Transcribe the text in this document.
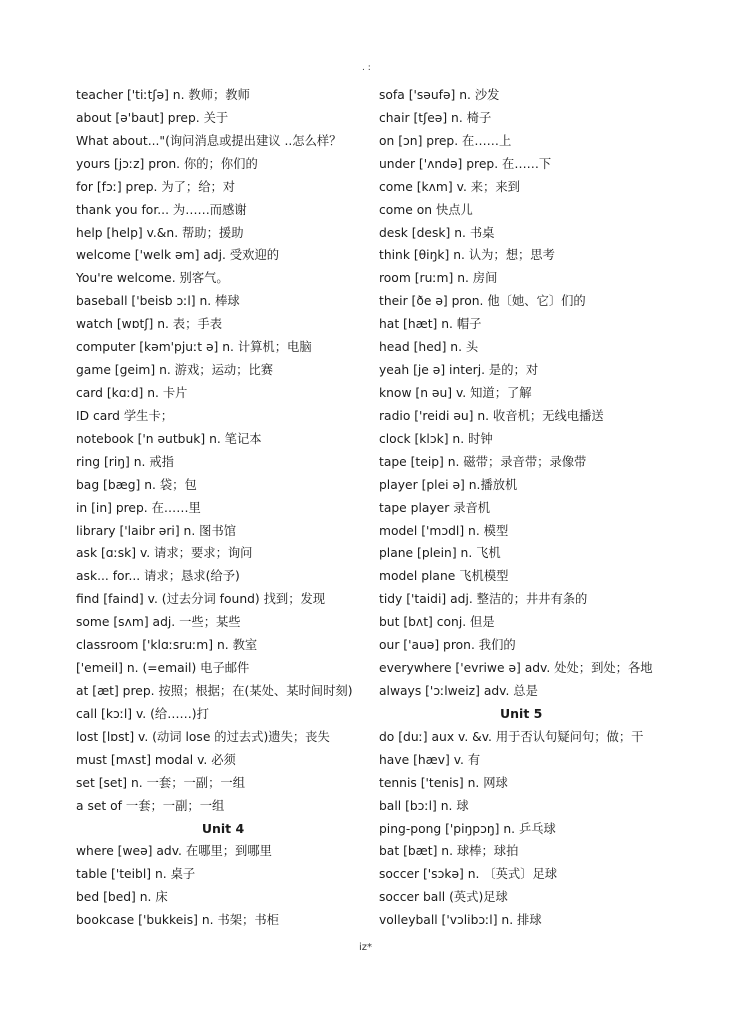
. :
teacher ['tiːtʃə] n. 教师；教师
about [ə'baut] prep. 关于
What about..."(询问消息或提出建议 ..怎么样？
yours [jɔːz] pron. 你的；你们的
for [fɔː] prep. 为了；给；对
thank you for... 为……而感谢
help [help] v.&n. 帮助；援助
welcome ['welk əm] adj. 受欢迎的
You're welcome. 别客气。
baseball ['beisb ɔːl] n. 棒球
watch [wɒtʃ] n. 表；手表
computer [kəm'pjuːt ə] n. 计算机；电脑
game [geim] n. 游戏；运动；比赛
card [kɑːd] n. 卡片
ID card 学生卡；
notebook ['n əutbuk] n. 笔记本
ring [riŋ] n. 戒指
bag [bæg] n. 袋；包
in [in] prep. 在……里
library ['laibr əri] n. 图书馆
ask [ɑːsk] v. 请求；要求；询问
ask... for... 请求；恳求(给予)
find [faind] v. (过去分词 found) 找到；发现
some [sʌm] adj. 一些；某些
classroom ['klɑːsruːm] n. 教室
['emeil] n. (=email) 电子邮件
at [æt] prep. 按照；根据；在(某处、某时间时刻)
call [kɔːl] v. (给……)打
lost [lɒst] v. (动词 lose 的过去式)遗失；丧失
must [mʌst] modal v. 必须
set [set] n. 一套；一副；一组
a set of 一套；一副；一组
Unit 4
where [weə] adv. 在哪里；到哪里
table ['teibl] n. 桌子
bed [bed] n. 床
bookcase ['bukkeis] n. 书架；书柜
sofa ['səufə] n. 沙发
chair [tʃeə] n. 椅子
on [ɔn] prep. 在……上
under ['ʌndə] prep. 在……下
come [kʌm] v. 来；来到
come on 快点儿
desk [desk] n. 书桌
think [θiŋk] n. 认为；想；思考
room [ruːm] n. 房间
their [ðe ə] pron. 他〔她、它〕们的
hat [hæt] n. 帽子
head [hed] n. 头
yeah [je ə] interj. 是的；对
know [n əu] v. 知道；了解
radio ['reidi əu] n. 收音机；无线电播送
clock [klɔk] n. 时钟
tape [teip] n. 磁带；录音带；录像带
player [plei ə] n.播放机
tape player 录音机
model ['mɔdl] n. 模型
plane [plein] n. 飞机
model plane 飞机模型
tidy ['taidi] adj. 整洁的；井井有条的
but [bʌt] conj. 但是
our ['auə] pron. 我们的
everywhere ['evriwe ə] adv. 处处；到处；各地
always ['ɔːlweiz] adv. 总是
Unit 5
do [duː] aux v. &v. 用于否认句疑问句；做；干
have [hæv] v. 有
tennis ['tenis] n. 网球
ball [bɔːl] n. 球
ping-pong ['piŋpɔŋ] n. 乒乓球
bat [bæt] n. 球棒；球拍
soccer ['sɔkə] n. 〔英式〕足球
soccer ball (英式)足球
volleyball ['vɔlibɔːl] n. 排球
iz*
